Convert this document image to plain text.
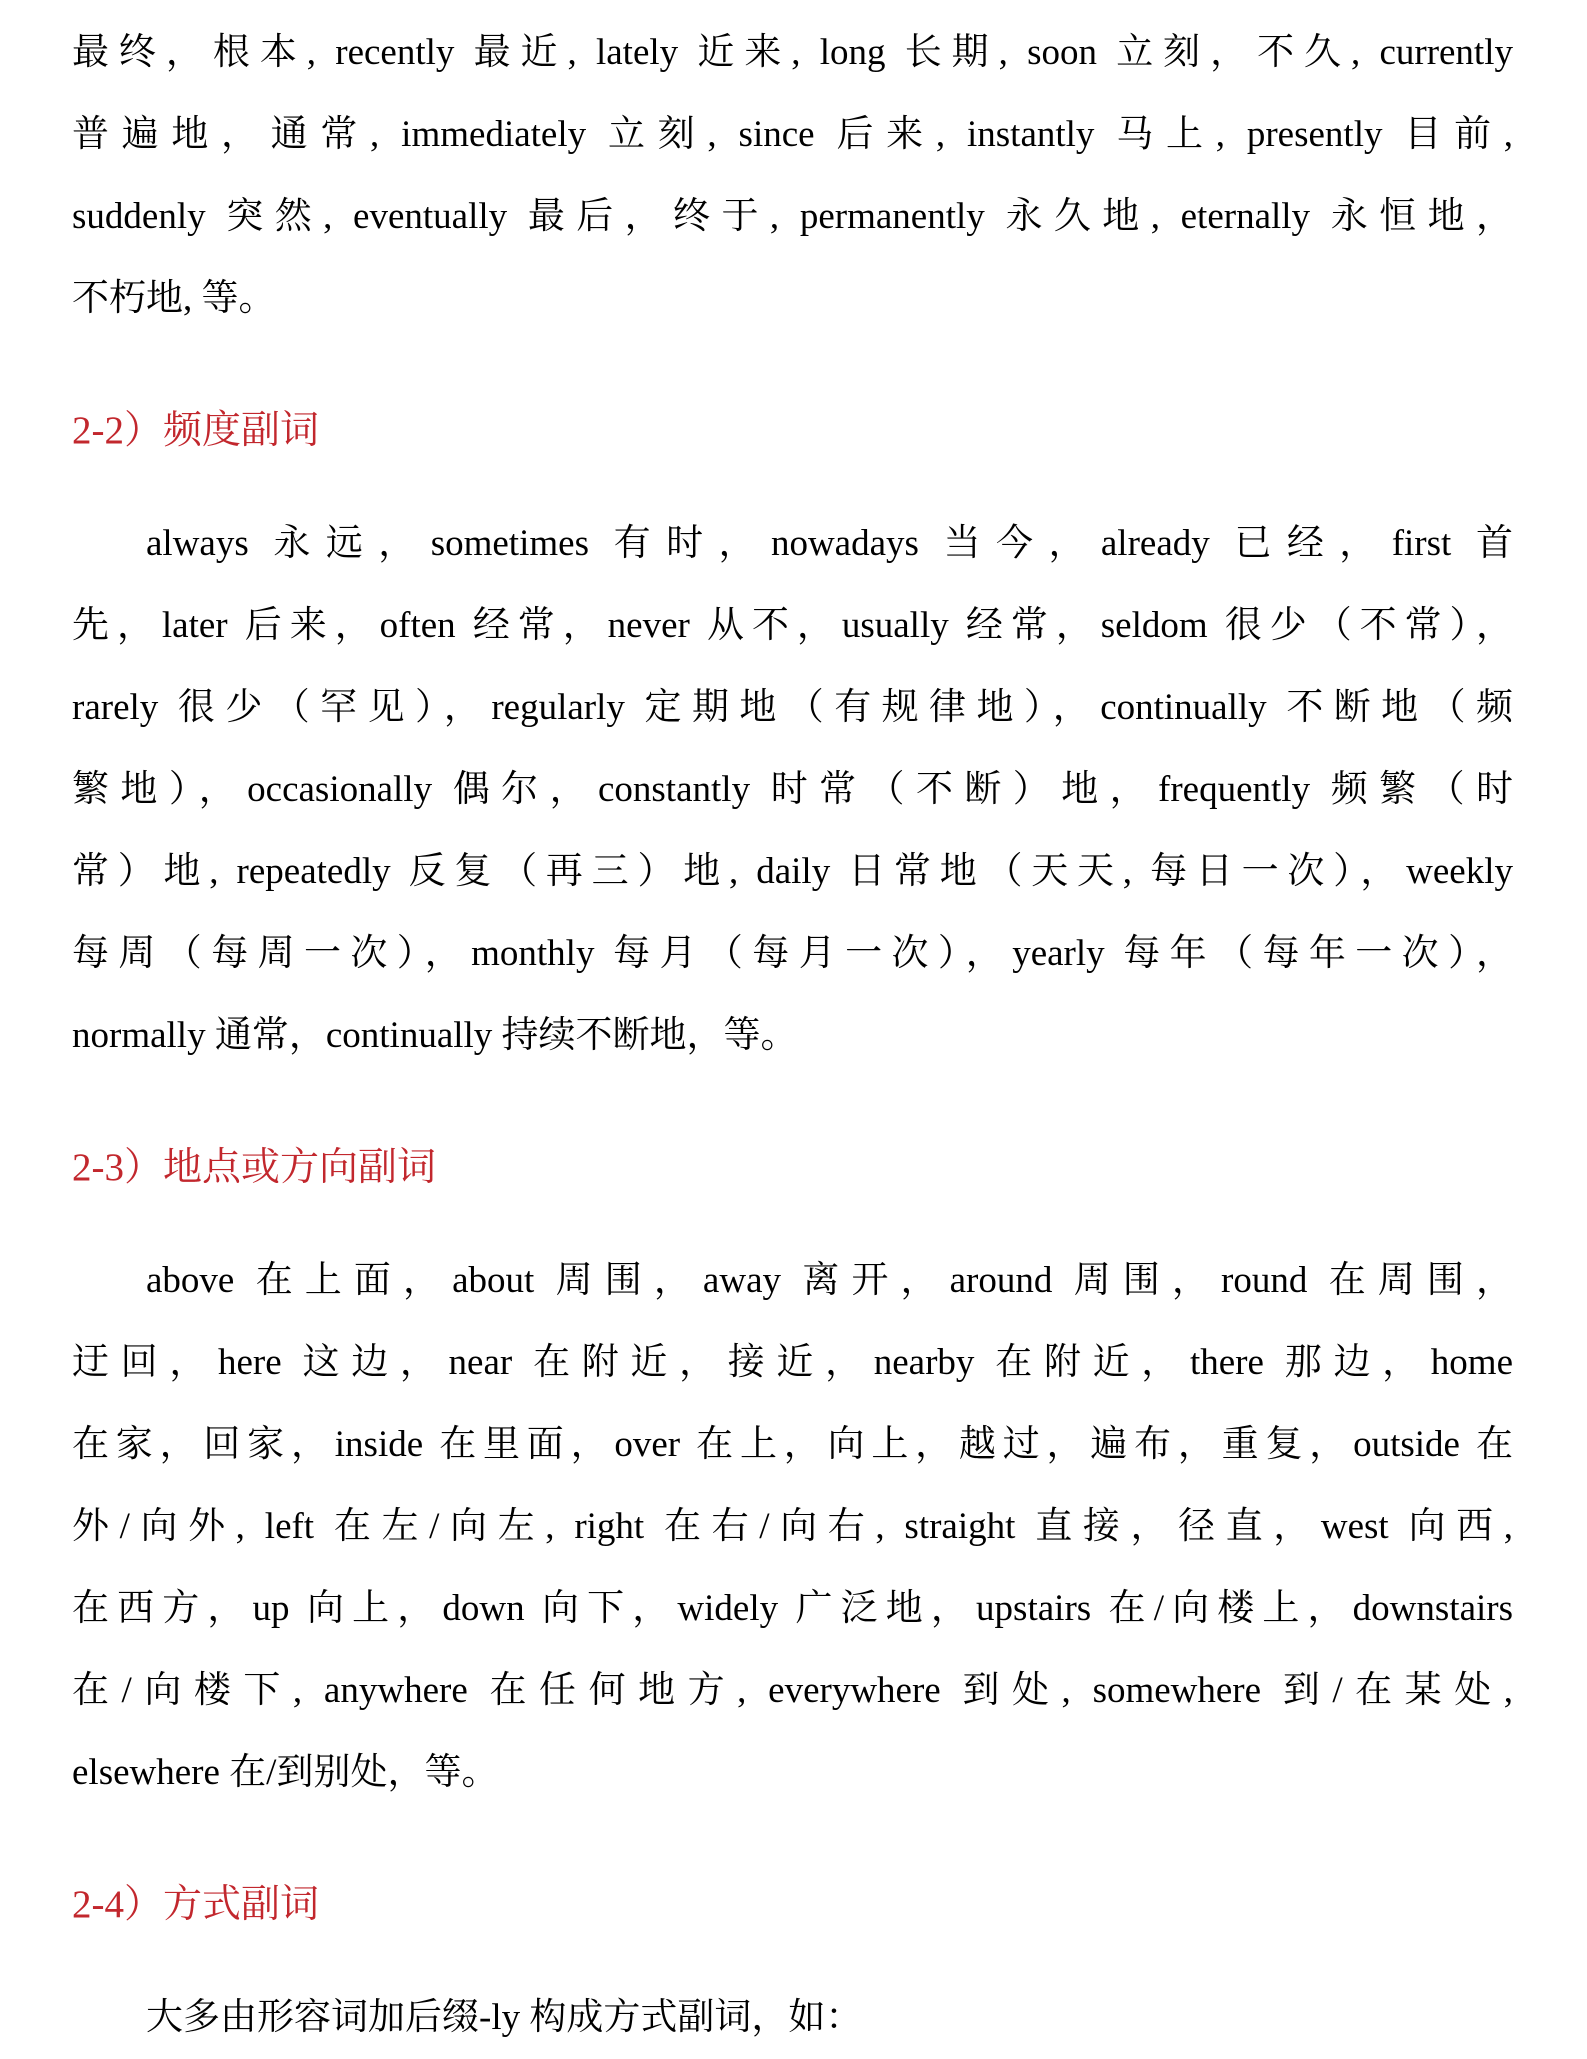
最终，根本, recently 最近, lately 近来, long 长期, soon 立刻，不久, currently
普遍地，通常, immediately 立刻, since 后来, instantly 马上, presently 目前,
suddenly 突然, eventually 最后，终于, permanently 永久地, eternally 永恒地，
不朽地, 等。
2-2）频度副词
always 永远，sometimes 有时，nowadays 当今，already 已经，first 首
先，later 后来，often 经常，never 从不，usually 经常，seldom 很少（不常），
rarely 很少（罕见），regularly 定期地（有规律地），continually 不断地（频
繁地），occasionally 偶尔，constantly 时常（不断）地，frequently 频繁（时
常）地, repeatedly 反复（再三）地, daily 日常地（天天, 每日一次），weekly
每周（每周一次），monthly 每月（每月一次），yearly 每年（每年一次），
normally 通常，continually 持续不断地，等。
2-3）地点或方向副词
above 在上面，about 周围，away 离开，around 周围，round 在周围，
迂回，here 这边，near 在附近，接近，nearby 在附近，there 那边，home
在家，回家，inside 在里面，over 在上，向上，越过，遍布，重复，outside 在
外/向外, left 在左/向左, right 在右/向右, straight 直接，径直，west 向西,
在西方，up 向上，down 向下，widely 广泛地，upstairs 在/向楼上，downstairs
在/向楼下, anywhere 在任何地方, everywhere 到处, somewhere 到/在某处,
elsewhere 在/到别处，等。
2-4）方式副词
大多由形容词加后缀-ly 构成方式副词，如：
